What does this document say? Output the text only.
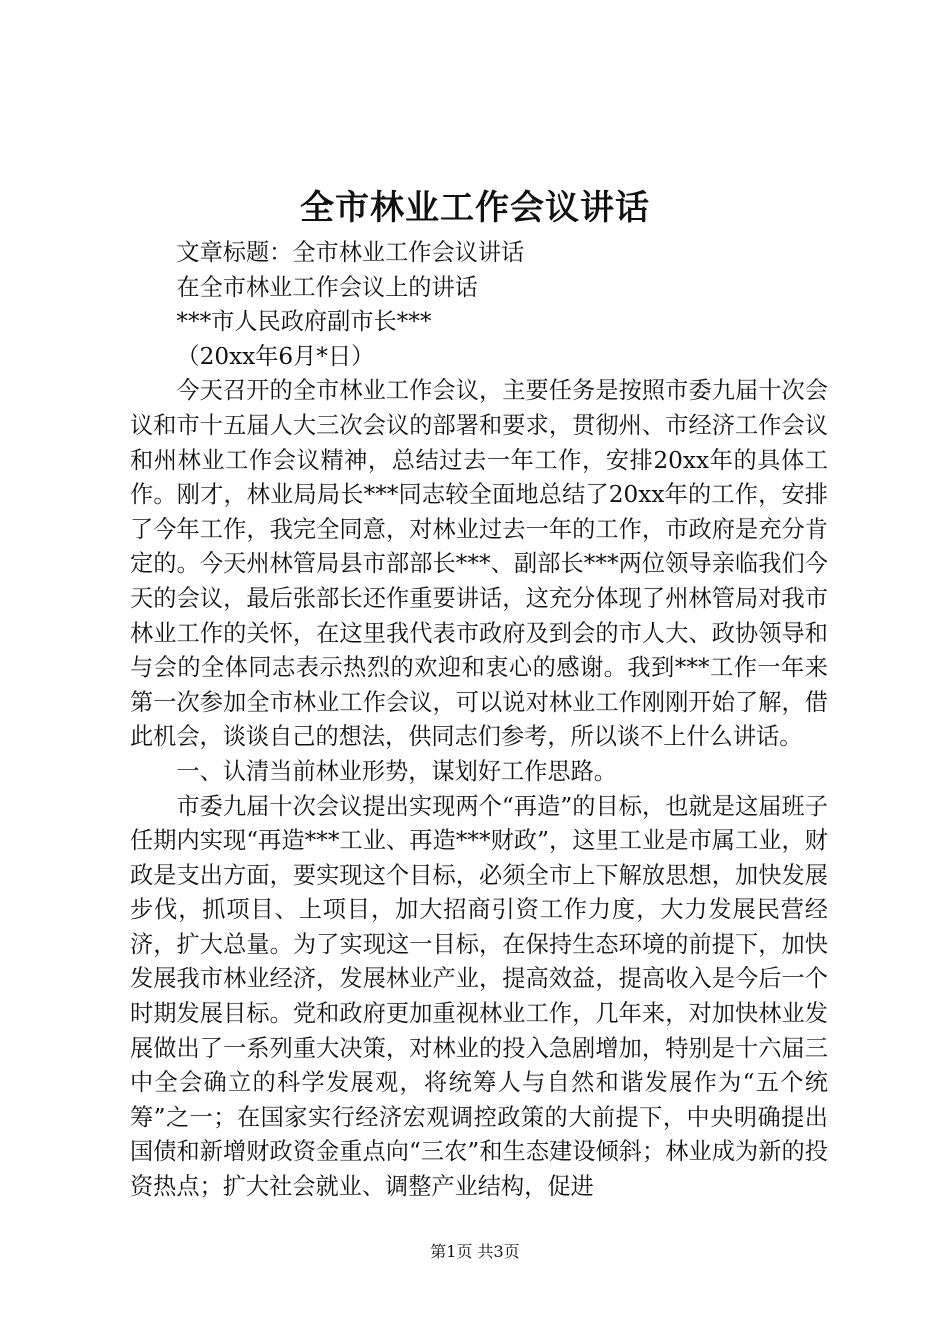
全市林业工作会议讲话

文章标题：全市林业工作会议讲话

在全市林业工作会议上的讲话

***市人民政府副市长***

（20xx年6月*日）

今天召开的全市林业工作会议，主要任务是按照市委九届十次会议和市十五届人大三次会议的部署和要求，贯彻州、市经济工作会议和州林业工作会议精神，总结过去一年工作，安排20xx年的具体工作。刚才，林业局局长***同志较全面地总结了20xx年的工作，安排了今年工作，我完全同意，对林业过去一年的工作，市政府是充分肯定的。今天州林管局县市部部长***、副部长***两位领导亲临我们今天的会议，最后张部长还作重要讲话，这充分体现了州林管局对我市林业工作的关怀，在这里我代表市政府及到会的市人大、政协领导和与会的全体同志表示热烈的欢迎和衷心的感谢。我到***工作一年来第一次参加全市林业工作会议，可以说对林业工作刚刚开始了解，借此机会，谈谈自己的想法，供同志们参考，所以谈不上什么讲话。

一、认清当前林业形势，谋划好工作思路。

市委九届十次会议提出实现两个“再造”的目标，也就是这届班子任期内实现“再造***工业、再造***财政”，这里工业是市属工业，财政是支出方面，要实现这个目标，必须全市上下解放思想，加快发展步伐，抓项目、上项目，加大招商引资工作力度，大力发展民营经济，扩大总量。为了实现这一目标，在保持生态环境的前提下，加快发展我市林业经济，发展林业产业，提高效益，提高收入是今后一个时期发展目标。党和政府更加重视林业工作，几年来，对加快林业发展做出了一系列重大决策，对林业的投入急剧增加，特别是十六届三中全会确立的科学发展观，将统筹人与自然和谐发展作为“五个统筹”之一；在国家实行经济宏观调控政策的大前提下，中央明确提出国债和新增财政资金重点向“三农”和生态建设倾斜；林业成为新的投资热点；扩大社会就业、调整产业结构，促进

第1页 共3页
